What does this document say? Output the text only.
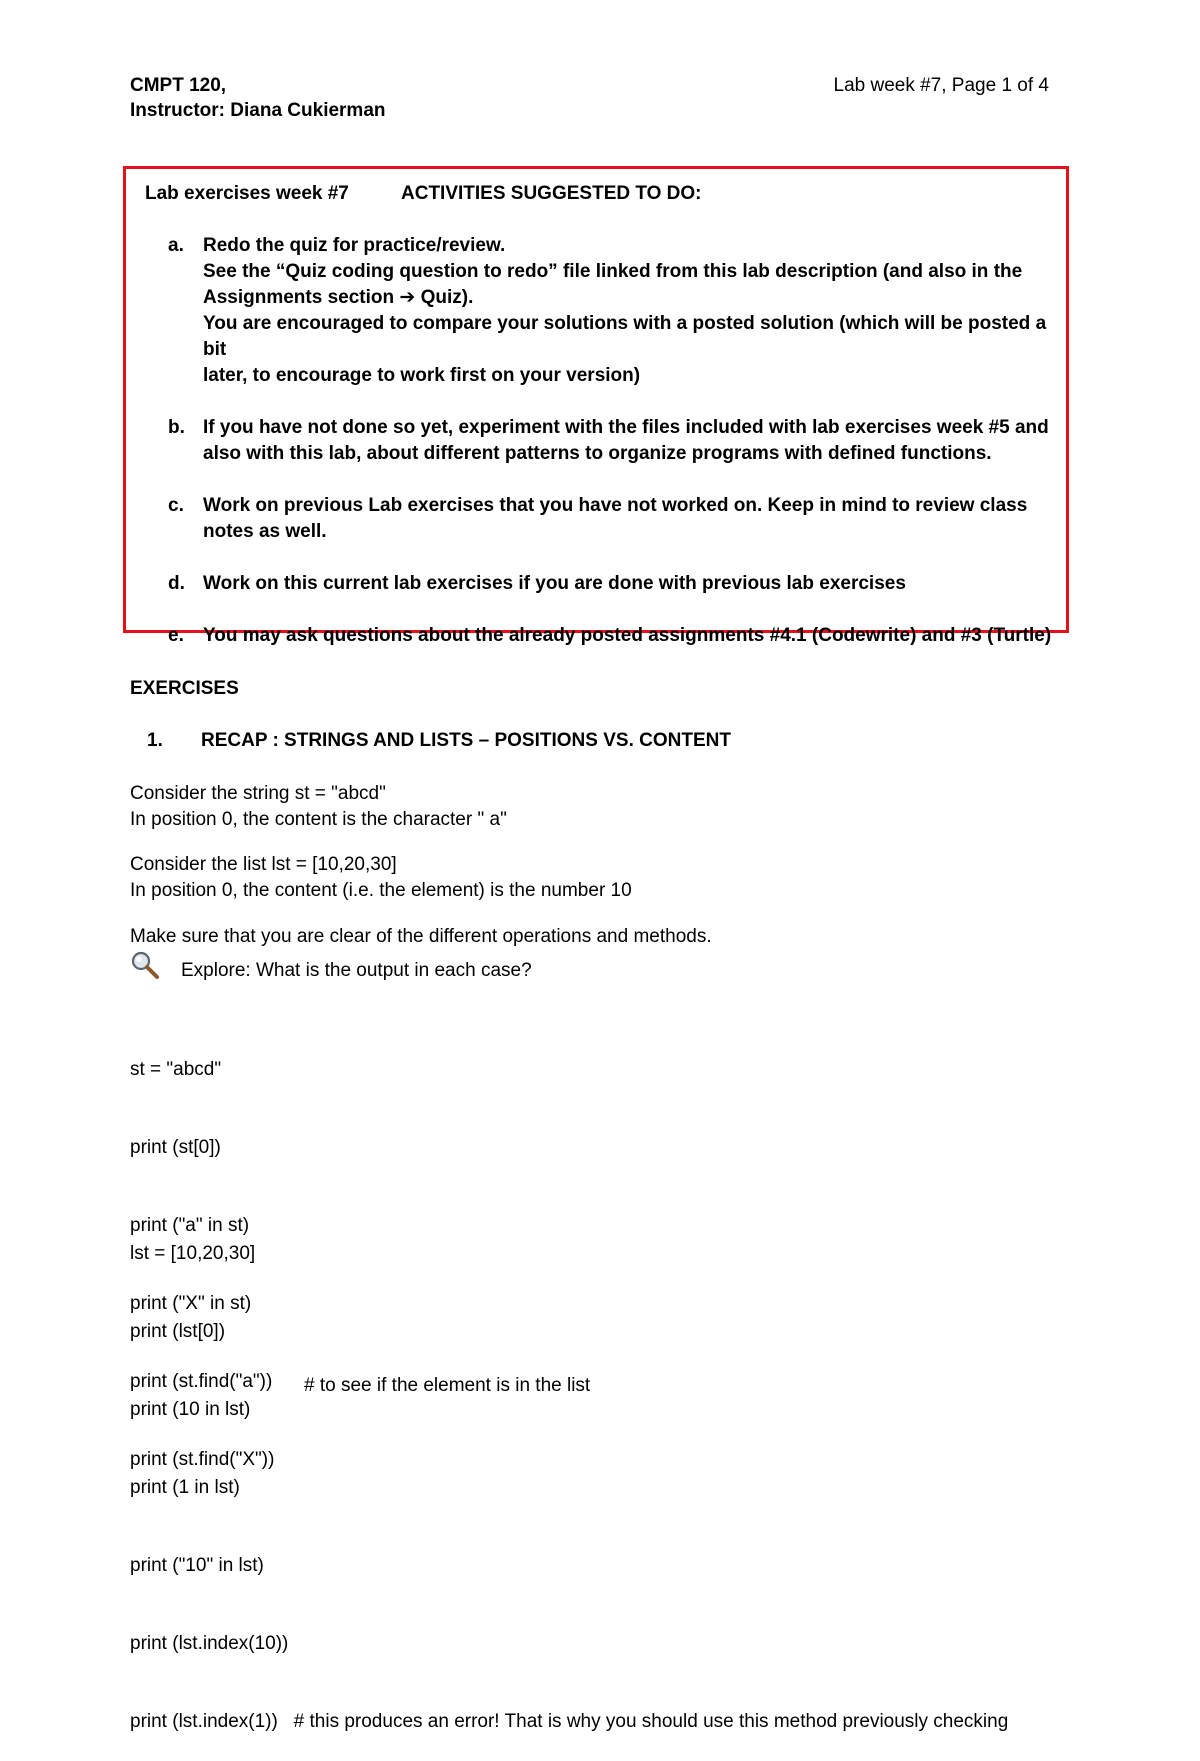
CMPT 120,
Instructor: Diana Cukierman
Lab week #7, Page 1 of 4
Lab exercises week #7	ACTIVITIES SUGGESTED TO DO:
a. Redo the quiz for practice/review.

See the “Quiz coding question to redo” file linked from this lab description (and also in the

Assignments section ➔ Quiz).

You are encouraged to compare your solutions with a posted solution (which will be posted a bit

later, to encourage to work first on your version)

b. If you have not done so yet, experiment with the files included with lab exercises week #5 and

also with this lab, about different patterns to organize programs with defined functions.

c. Work on previous Lab exercises that you have not worked on. Keep in mind to review class

notes as well.

d. Work on this current lab exercises if you are done with previous lab exercises

e. You may ask questions about the already posted assignments #4.1 (Codewrite) and #3 (Turtle)

EXERCISES
1. RECAP : STRINGS AND LISTS – POSITIONS VS. CONTENT

Consider the string st = "abcd"

In position 0, the content is the character " a"

Consider the list lst = [10,20,30]

In position 0, the content (i.e. the element) is the number 10

Make sure that you are clear of the different operations and methods.
Explore: What is the output in each case?

st = "abcd"

print (st[0])

print ("a" in st)

print ("X" in st)

print (st.find("a"))

print (st.find("X"))

lst = [10,20,30]

print (lst[0])

print (10 in lst)

print (1 in lst)

print ("10" in lst)

print (lst.index(10))

print (lst.index(1))   # this produces an error! That is why you should use this method previously checking

# to see if the element is in the list
